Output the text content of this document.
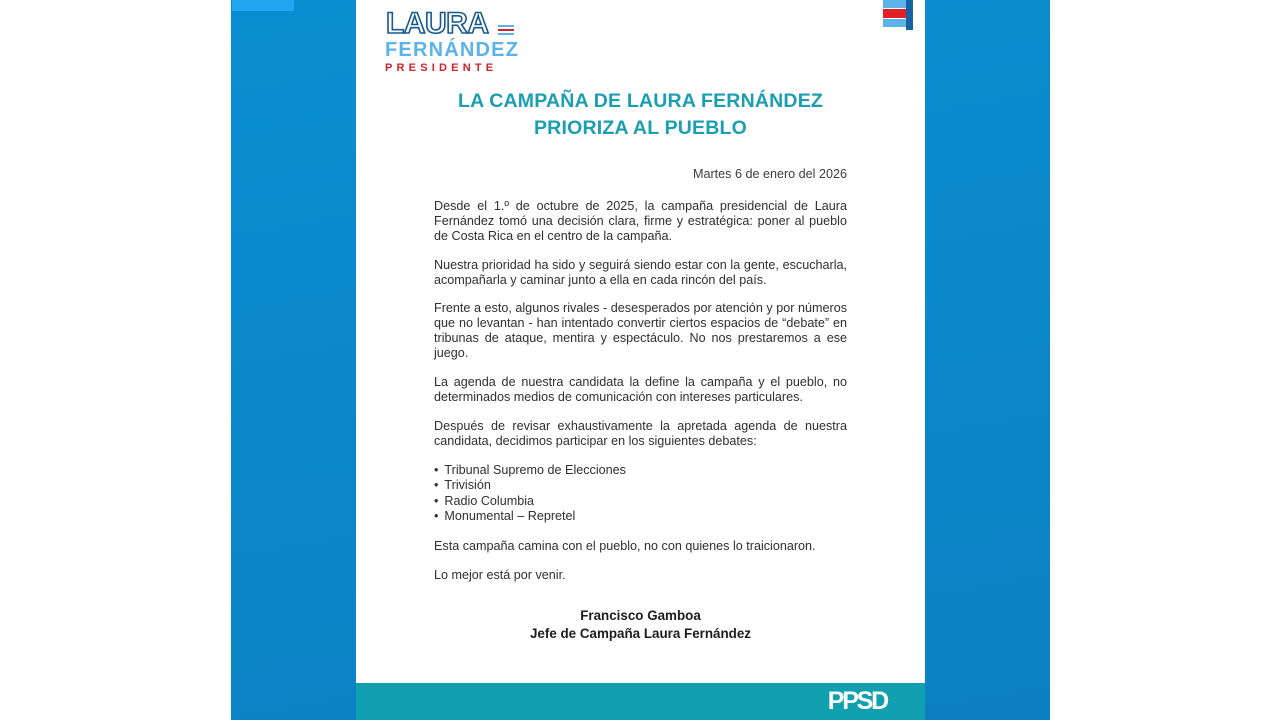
LAURA
FERNÁNDEZ
PRESIDENTE
LA CAMPAÑA DE LAURA FERNÁNDEZ
PRIORIZA AL PUEBLO
Martes 6 de enero del 2026

Desde el 1.º de octubre de 2025, la campaña presidencial de Laura Fernández tomó una decisión clara, firme y estratégica: poner al pueblo de Costa Rica en el centro de la campaña.

Nuestra prioridad ha sido y seguirá siendo estar con la gente, escucharla, acompañarla y caminar junto a ella en cada rincón del país.

Frente a esto, algunos rivales - desesperados por atención y por números que no levantan - han intentado convertir ciertos espacios de “debate” en tribunas de ataque, mentira y espectáculo. No nos prestaremos a ese juego.

La agenda de nuestra candidata la define la campaña y el pueblo, no determinados medios de comunicación con intereses particulares.

Después de revisar exhaustivamente la apretada agenda de nuestra candidata, decidimos participar en los siguientes debates:

• Tribunal Supremo de Elecciones
• Trivisión
• Radio Columbia
• Monumental – Repretel

Esta campaña camina con el pueblo, no con quienes lo traicionaron.

Lo mejor está por venir.

Francisco Gamboa
Jefe de Campaña Laura Fernández
PPSD
